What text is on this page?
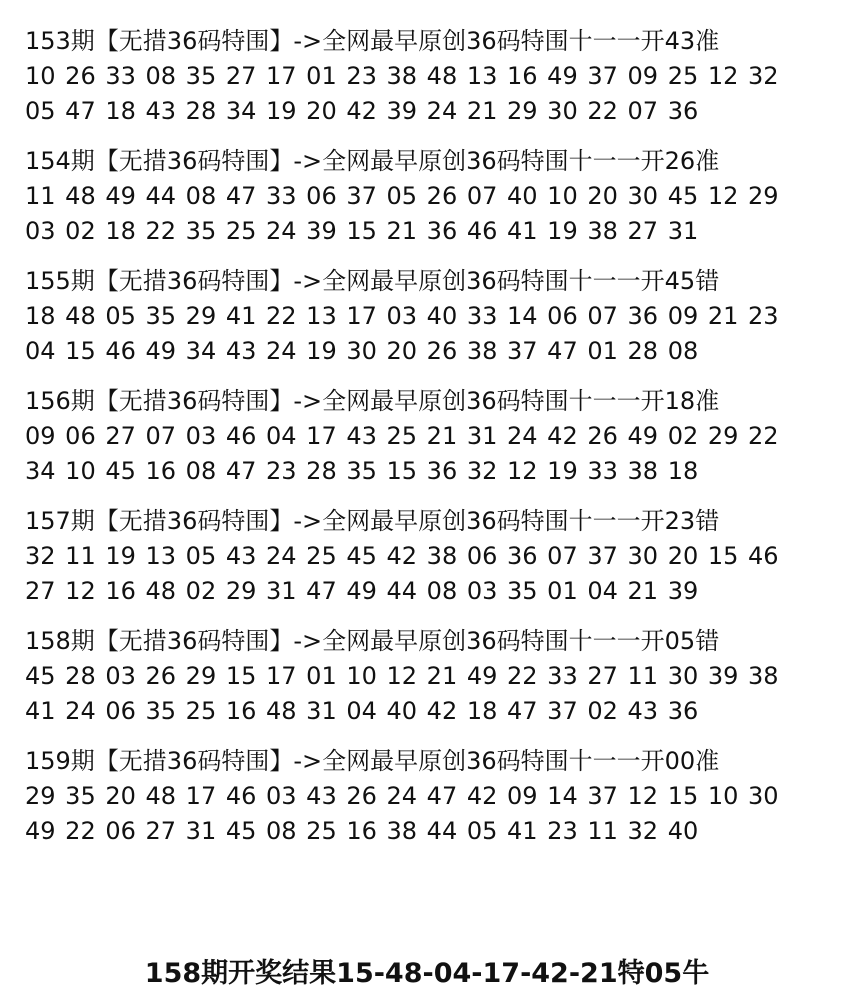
153期【无措36码特围】->全网最早原创36码特围十一一开43准
10 26 33 08 35 27 17 01 23 38 48 13 16 49 37 09 25 12 32
05 47 18 43 28 34 19 20 42 39 24 21 29 30 22 07 36
154期【无措36码特围】->全网最早原创36码特围十一一开26准
11 48 49 44 08 47 33 06 37 05 26 07 40 10 20 30 45 12 29
03 02 18 22 35 25 24 39 15 21 36 46 41 19 38 27 31
155期【无措36码特围】->全网最早原创36码特围十一一开45错
18 48 05 35 29 41 22 13 17 03 40 33 14 06 07 36 09 21 23
04 15 46 49 34 43 24 19 30 20 26 38 37 47 01 28 08
156期【无措36码特围】->全网最早原创36码特围十一一开18准
09 06 27 07 03 46 04 17 43 25 21 31 24 42 26 49 02 29 22
34 10 45 16 08 47 23 28 35 15 36 32 12 19 33 38 18
157期【无措36码特围】->全网最早原创36码特围十一一开23错
32 11 19 13 05 43 24 25 45 42 38 06 36 07 37 30 20 15 46
27 12 16 48 02 29 31 47 49 44 08 03 35 01 04 21 39
158期【无措36码特围】->全网最早原创36码特围十一一开05错
45 28 03 26 29 15 17 01 10 12 21 49 22 33 27 11 30 39 38
41 24 06 35 25 16 48 31 04 40 42 18 47 37 02 43 36
159期【无措36码特围】->全网最早原创36码特围十一一开00准
29 35 20 48 17 46 03 43 26 24 47 42 09 14 37 12 15 10 30
49 22 06 27 31 45 08 25 16 38 44 05 41 23 11 32 40
158期开奖结果15-48-04-17-42-21特05牛
